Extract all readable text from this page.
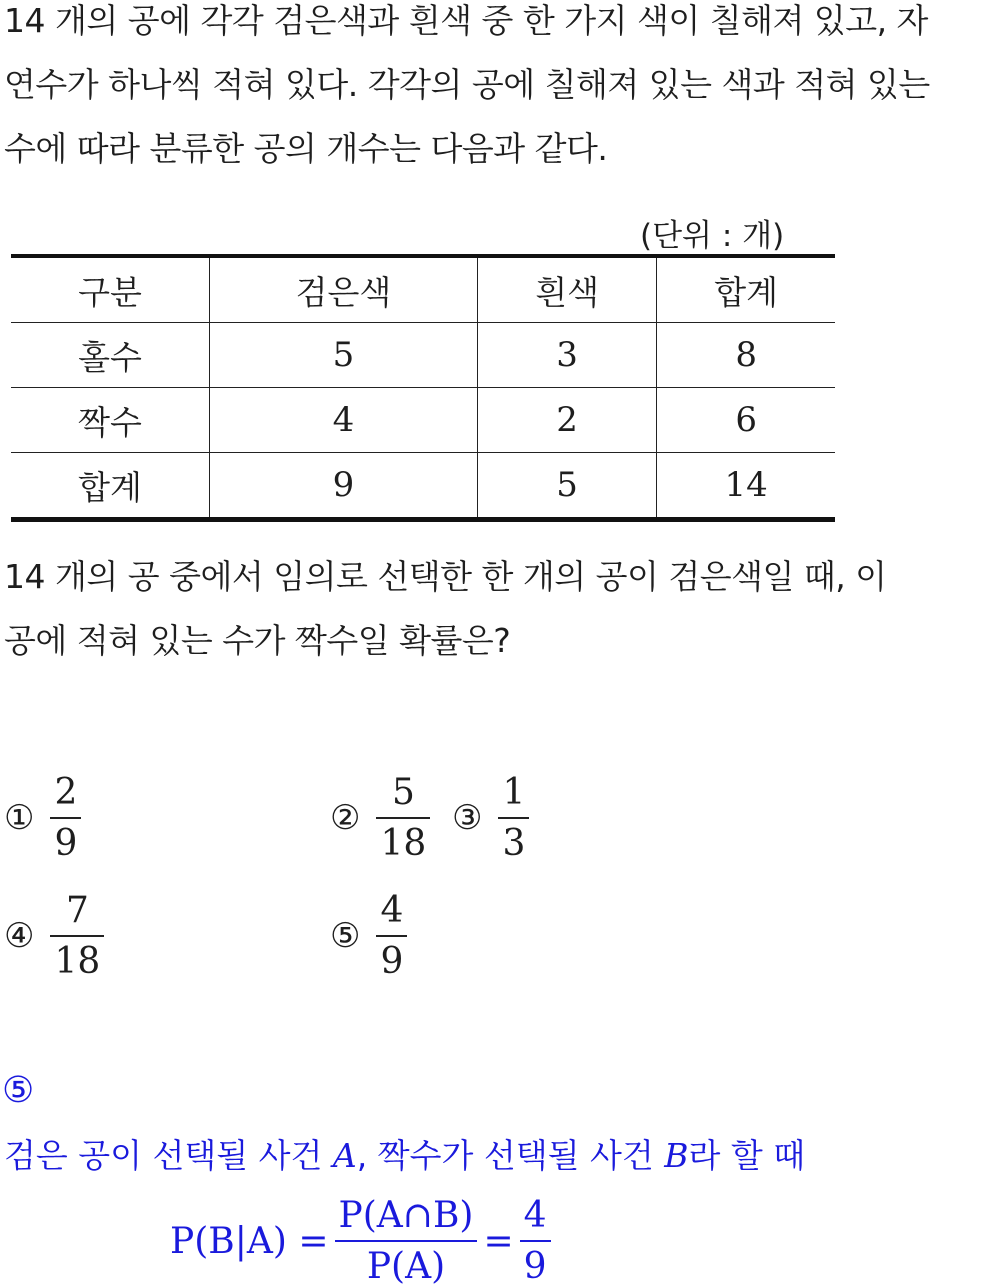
14 개의 공에 각각 검은색과 흰색 중 한 가지 색이 칠해져 있고, 자
연수가 하나씩 적혀 있다. 각각의 공에 칠해져 있는 색과 적혀 있는
수에 따라 분류한 공의 개수는 다음과 같다.
(단위 : 개)
구분	검은색	흰색	합계
홀수	5	3	8
짝수	4	2	6
합계	9	5	14
14 개의 공 중에서 임의로 선택한 한 개의 공이 검은색일 때, 이
공에 적혀 있는 수가 짝수일 확률은?
① $\frac{2}{9}$	② $\frac{5}{18}$ ③ $\frac{1}{3}$
④ $\frac{7}{18}$	⑤ $\frac{4}{9}$
⑤
검은 공이 선택될 사건 A, 짝수가 선택될 사건 B라 할 때
$P(B|A) = \frac{P(A\cap B)}{P(A)} = \frac{4}{9}$
